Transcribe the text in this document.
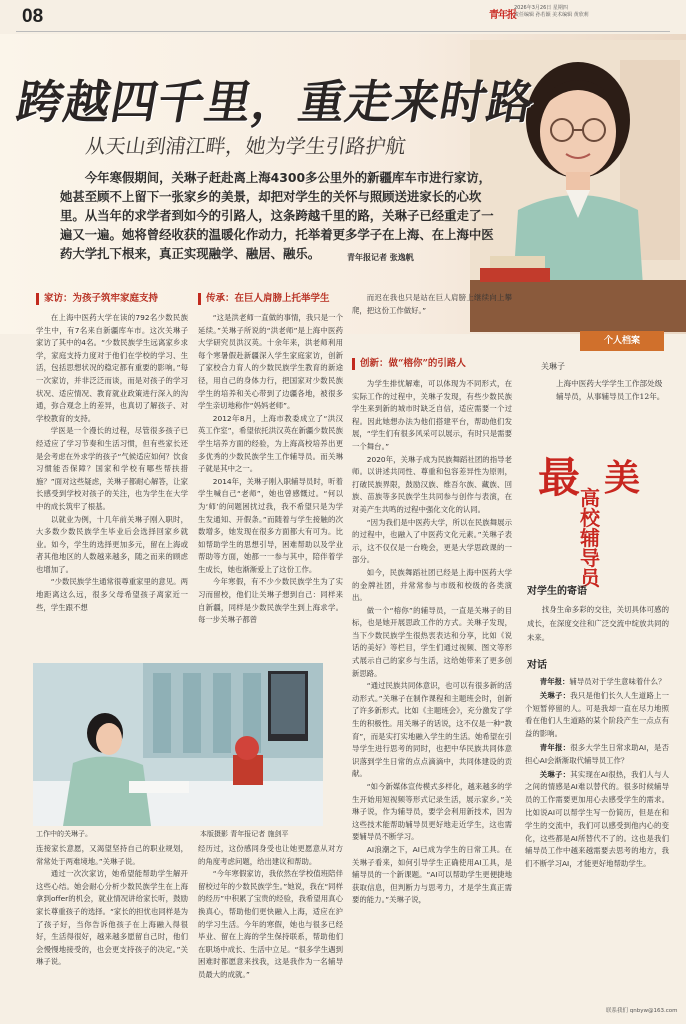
08	青年报
2026年3月26日 星期四
责任编辑 孙若颖 美术编辑 黄欣莉
跨越四千里，重走来时路
从天山到浦江畔，她为学生引路护航
今年寒假期间，关琳子赶赴离上海4300多公里外的新疆库车市进行家访，她甚至顾不上留下一张家乡的美景，却把对学生的关怀与照顾送进家长的心坎里。从当年的求学者到如今的引路人，这条跨越千里的路，关琳子已经重走了一遍又一遍。她将曾经收获的温暖化作动力，托举着更多学子在上海、在上海中医药大学扎下根来，真正实现融学、融居、融乐。	青年报记者 张逸帆
家访：为孩子筑牢家庭支持	传承：在巨人肩膀上托举学生
创新：做“榕你”的引路人

在上海中医药大学在读的792名少数民族学生中，有7名来自新疆库车市。这次关琳子家访了其中的4名。“少数民族学生远离家乡求学，家庭支持力度对于他们在学校的学习、生活，包括思想状况的稳定都有重要的影响。”每一次家访，并非泛泛而谈，而是对孩子的学习状况、适应情况、教育就业政策进行深入的沟通，弥合观念上的差异，也真切了解孩子、对学校教育的支持。

学医是一个漫长的过程，尽管很多孩子已经适应了学习节奏和生活习惯，但有些家长还是会考虑在外求学的孩子“气候适应如何？饮食习惯能否保障？国家和学校有哪些帮扶措施？”面对这些疑虑，关琳子都耐心解答，让家长感受到学校对孩子的关注，也为学生在大学中的成长筑牢了根基。

以就业为例，十几年前关琳子刚入职时，大多数少数民族学生毕业后会选择回家乡就业。如今，学生的选择更加多元，留在上海或者其他地区的人数越来越多，随之而来的顾虑也增加了。

“少数民族学生通常很尊重家里的意见。两地距离这么远，很多父母希望孩子离家近一些，学生跟不想

“这是洪老师一直做的事情，我只是一个延续。”关琳子所说的“洪老师”是上海中医药大学研究员洪汉英。十余年来，洪老师利用每个寒暑假赴新疆深入学生家庭家访，创新了家校合力育人的少数民族学生教育的新途径，用自己的身体力行，把国家对少数民族学生的培养和关心带到了边疆各地，被很多学生亲切地称作“妈妈老师”。

2012年8月，上海市教委成立了“洪汉英工作室”，希望依托洪汉英在新疆少数民族学生培养方面的经验，为上海高校培养出更多优秀的少数民族学生工作辅导员。而关琳子就是其中之一。

2014年，关琳子刚入职辅导员时，听着学生喊自己“老师”，她也曾感慨过。“何以为‘师’的问题困扰过我，我不希望只是为学生发通知、开假条。”而随着与学生接触的次数增多，她发现在很多方面都大有可为。比如帮助学生的思想引导，困难帮助以及学业帮助等方面，她都一一参与其中，陪伴着学生成长，她也渐渐爱上了这份工作。

今年寒假，有不少少数民族学生为了实习而留校，他们让关琳子想到自己：同样来自新疆，同样是少数民族学生到上海求学。每一步关琳子都曾

而迟在我也只是站在巨人肩膀上继续向上攀爬，把这份工作做好。”

为学生排忧解难，可以体现为不同形式，在实际工作的过程中，关琳子发现，有些少数民族学生来到新的城市时缺乏自信，适应需要一个过程。因此她想办法为他们搭建平台，帮助他们发展，“学生们有很多风采可以展示，有时只是需要一个舞台。”

2020年，关琳子成为民族舞蹈社团的指导老师。以讲述共同性、尊重和包容差异性为原则，打破民族界限，鼓励汉族、维吾尔族、藏族、回族、苗族等多民族学生共同参与创作与表演，在对美产生共鸣的过程中强化文化的认同。

“因为我们是中医药大学，所以在民族舞展示的过程中，也融入了中医药文化元素。”关琳子表示，这不仅仅是一台晚会，更是大学思政课的一部分。

如今，民族舞蹈社团已经是上海中医药大学的金牌社团，并常常参与市级和校级的各类演出。

做一个“榕你”的辅导员，一直是关琳子的目标，也是她开展思政工作的方式。关琳子发现，当下少数民族学生很热衷表达和分享，比如《说话的美好》等栏目，学生们通过视频、图文等形式展示自己的家乡与生活，这给她带来了更多创新思路。

“通过民族共同体意识，也可以有很多新的活动形式。”关琳子在制作课程和主题班会时，创新了许多新形式。比如《主题班会》，充分激发了学生的积极性。用关琳子的话说，这不仅是一种“教育”，而是实打实地融入学生的生活。她希望在引导学生进行思考的同时，也把中华民族共同体意识落到学生日常的点点滴滴中，共同体建设的贡献。

“如今新媒体宣传模式多样化，越来越多的学生开始用短视频等形式记录生活，展示家乡。”关琳子说，作为辅导员，要学会利用新技术，因为这些技术能帮助辅导员更好地走近学生，这也需要辅导员不断学习。

AI浪潮之下，AI已成为学生的日常工具。在关琳子看来，如何引导学生正确使用AI工具，是辅导员的一个新课题。“AI可以帮助学生更便捷地获取信息，但判断力与思考力，才是学生真正需要的能力。”关琳子说，

工作中的关琳子。	本版摄影 青年报记者 施剑平

连接家长意愿，又渴望坚持自己的职业规划，常常处于两难境地。”关琳子说。

通过一次次家访，她希望能帮助学生解开这些心结。她会耐心分析少数民族学生在上海拿到offer的机会，就业情况讲给家长听，鼓励家长尊重孩子的选择。“家长的担忧也同样是为了孩子好，当你告诉他孩子在上海融入得很好，生活得很好，越来越多愿留自己时，他们会慢慢地接受的，也会更支持孩子的决定。”关琳子说。

经历过，这份感同身受也让她更愿意从对方的角度考虑问题，给出建议和帮助。

“今年寒假家访，我依然在学校值班陪伴留校过年的少数民族学生。”她说，我在“同样的经历”中积累了宝贵的经验，我希望用真心换真心，帮助他们更快融入上海，适应在沪的学习生活。今年的寒假，她也与很多已经毕业、留在上海的学生保持联系，帮助他们在职场中成长、生活中立足。“很多学生遇到困难时都愿意来找我，这是我作为一名辅导员最大的成就。”

个人档案
关琳子
上海中医药大学学生工作部处级辅导员，从事辅导员工作12年。
最 美
高校辅导员
对学生的寄语
找身生命多彩的交往，关切具体可感的成长，在深度交往和广泛交流中绽放共同的未来。
对话

青年报：辅导员对于学生意味着什么？

关琳子：我只是他们长久人生道路上一个短暂停留的人。可是我却一直在尽力地照看在他们人生道路的某个阶段产生一点点有益的影响。

青年报：很多大学生日常求助AI，是否担心AI会渐渐取代辅导员工作？

关琳子：其实现在AI很热，我们人与人之间的情感是AI难以替代的。很多时候辅导员的工作需要更加用心去感受学生的需求。比如说AI可以帮学生写一份简历，但是在和学生的交流中，我们可以感受到他内心的变化，这些都是AI所替代不了的。这也是我们辅导员工作中越来越需要去思考的地方，我们不断学习AI，才能更好地帮助学生。

联系我们 qnbyw@163.com
